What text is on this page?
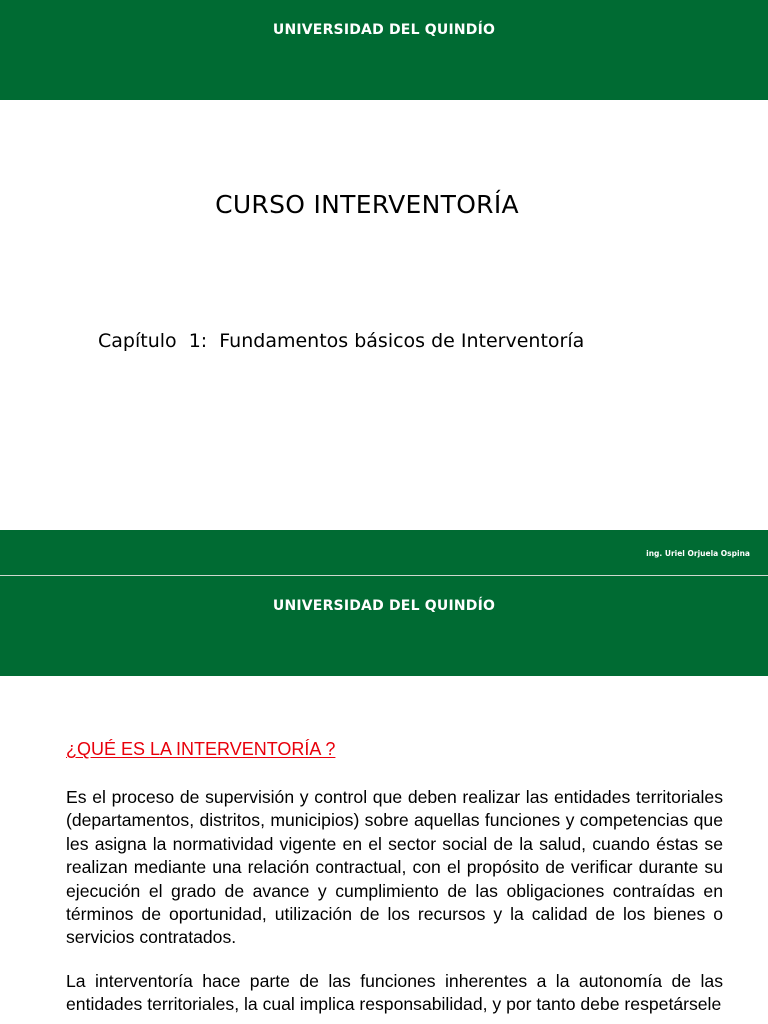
UNIVERSIDAD DEL QUINDÍO
CURSO INTERVENTORÍA
Capítulo  1:  Fundamentos básicos de Interventoría
ing. Uriel Orjuela Ospina
UNIVERSIDAD DEL QUINDÍO
¿QUÉ ES LA INTERVENTORÍA ?
Es el proceso de supervisión y control que deben realizar las entidades territoriales (departamentos, distritos, municipios) sobre aquellas funciones y competencias que les asigna la normatividad vigente en el sector social de la salud, cuando éstas se realizan mediante una relación contractual, con el propósito de verificar durante su ejecución el grado de avance y cumplimiento de las obligaciones contraídas en términos de oportunidad, utilización de los recursos y la calidad de los bienes o servicios contratados.
La interventoría hace parte de las funciones inherentes a la autonomía de las entidades territoriales, la cual implica responsabilidad, y por tanto debe respetársele
